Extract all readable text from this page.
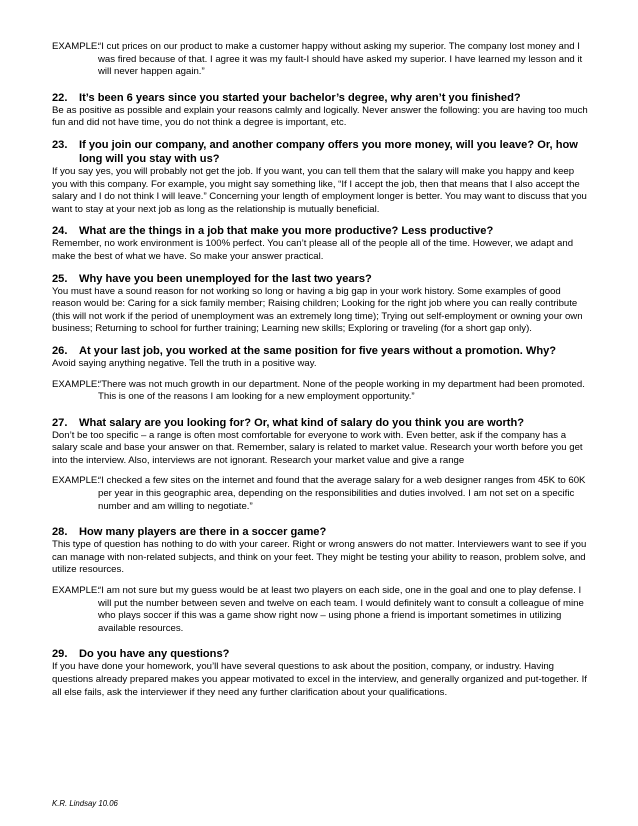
EXAMPLE:
“I cut prices on our product to make a customer happy without asking my superior. The company lost money and I was fired because of that. I agree it was my fault-I should have asked my superior. I have learned my lesson and it will never happen again.”
22.	It’s been 6 years since you started your bachelor’s degree, why aren’t you finished?
Be as positive as possible and explain your reasons calmly and logically. Never answer the following: you are having too much fun and did not have time, you do not think a degree is important, etc.
23.	If you join our company, and another company offers you more money, will you leave? Or, how long will you stay with us?
If you say yes, you will probably not get the job. If you want, you can tell them that the salary will make you happy and keep you with this company. For example, you might say something like, “If I accept the job, then that means that I also accept the salary and I do not think I will leave.” Concerning your length of employment longer is better. You may want to discuss that you want to stay at your next job as long as the relationship is mutually beneficial.
24.	What are the things in a job that make you more productive? Less productive?
Remember, no work environment is 100% perfect. You can’t please all of the people all of the time. However, we adapt and make the best of what we have. So make your answer practical.
25.	Why have you been unemployed for the last two years?
You must have a sound reason for not working so long or having a big gap in your work history. Some examples of good reason would be: Caring for a sick family member; Raising children; Looking for the right job where you can really contribute (this will not work if the period of unemployment was an extremely long time); Trying out self-employment or owning your own business; Returning to school for further training; Learning new skills; Exploring or traveling (for a short gap only).
26.	At your last job, you worked at the same position for five years without a promotion. Why?
Avoid saying anything negative. Tell the truth in a positive way.
EXAMPLE:
“There was not much growth in our department. None of the people working in my department had been promoted. This is one of the reasons I am looking for a new employment opportunity.”
27.	What salary are you looking for? Or, what kind of salary do you think you are worth?
Don’t be too specific – a range is often most comfortable for everyone to work with. Even better, ask if the company has a salary scale and base your answer on that. Remember, salary is related to market value. Research your worth before you get into the interview. Also, interviews are not ignorant. Research your market value and give a range
EXAMPLE:
“I checked a few sites on the internet and found that the average salary for a web designer ranges from 45K to 60K per year in this geographic area, depending on the responsibilities and duties involved. I am not set on a specific number and am willing to negotiate.”
28.	How many players are there in a soccer game?
This type of question has nothing to do with your career. Right or wrong answers do not matter. Interviewers want to see if you can manage with non-related subjects, and think on your feet. They might be testing your ability to reason, problem solve, and utilize resources.
EXAMPLE:
“I am not sure but my guess would be at least two players on each side, one in the goal and one to play defense. I will put the number between seven and twelve on each team. I would definitely want to consult a colleague of mine who plays soccer if this was a game show right now – using phone a friend is important sometimes in utilizing available resources.
29.	Do you have any questions?
If you have done your homework, you’ll have several questions to ask about the position, company, or industry. Having questions already prepared makes you appear motivated to excel in the interview, and generally organized and put-together. If all else fails, ask the interviewer if they need any further clarification about your qualifications.
K.R. Lindsay 10.06
